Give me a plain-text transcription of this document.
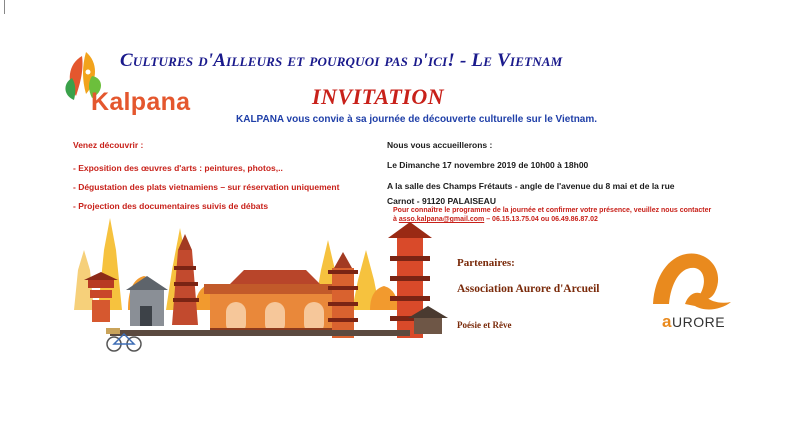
Kalpana
Cultures d'Ailleurs et pourquoi pas d'ici! - Le Vietnam
INVITATION
KALPANA vous convie à sa journée de découverte culturelle sur le Vietnam.
Venez découvrir :
- Exposition des œuvres d'arts : peintures, photos,..
- Dégustation des plats vietnamiens – sur réservation uniquement
- Projection des documentaires suivis de débats
Nous vous accueillerons :
Le Dimanche 17 novembre 2019 de 10h00 à 18h00
A la salle des Champs Frétauts - angle de l'avenue du 8 mai et de la rue
Carnot - 91120 PALAISEAU
Pour connaître le programme de la journée et confirmer votre présence, veuillez nous contacter
à asso.kalpana@gmail.com – 06.15.13.75.04 ou 06.49.86.87.02
Partenaires:
Association Aurore d'Arcueil
Poésie et Rêve	aURORE
